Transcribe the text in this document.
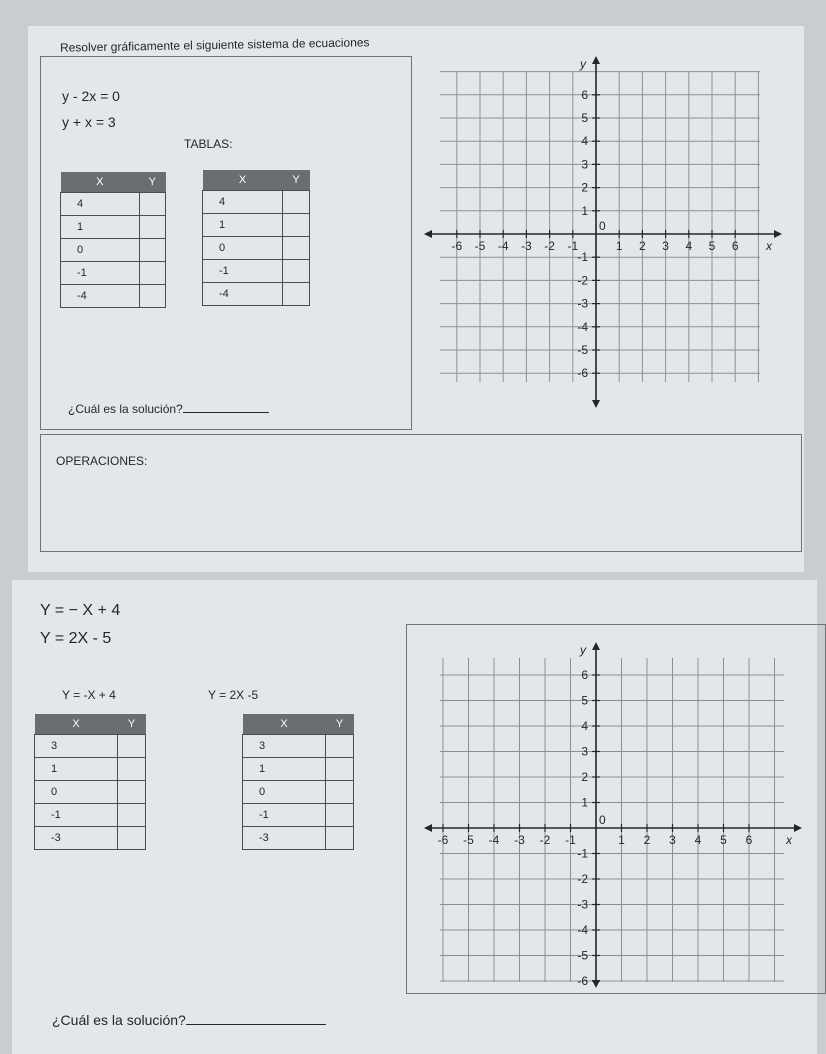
Resolver gráficamente el siguiente sistema de ecuaciones
y - 2x = 0
y + x = 3
TABLAS:
X	Y
4	
1	
0	
-1	
-4	
X	Y
4	
1	
0	
-1	
-4	
¿Cuál es la solución?
OPERACIONES:
-6 -5 -4 -3 -2 -1	1 2 3 4 5 6
6
5
4
3
2
1
-1
-2
-3
-4
-5
-6
0
x
y
Y = − X + 4
Y = 2X - 5
Y = -X + 4	Y = 2X -5
X	Y
3	
1	
0	
-1	
-3	
X	Y
3	
1	
0	
-1	
-3	
¿Cuál es la solución?
-6 -5 -4 -3 -2 -1	1 2 3 4 5 6
6
5
4
3
2
1
-1
-2
-3
-4
-5
-6
0
x
y
